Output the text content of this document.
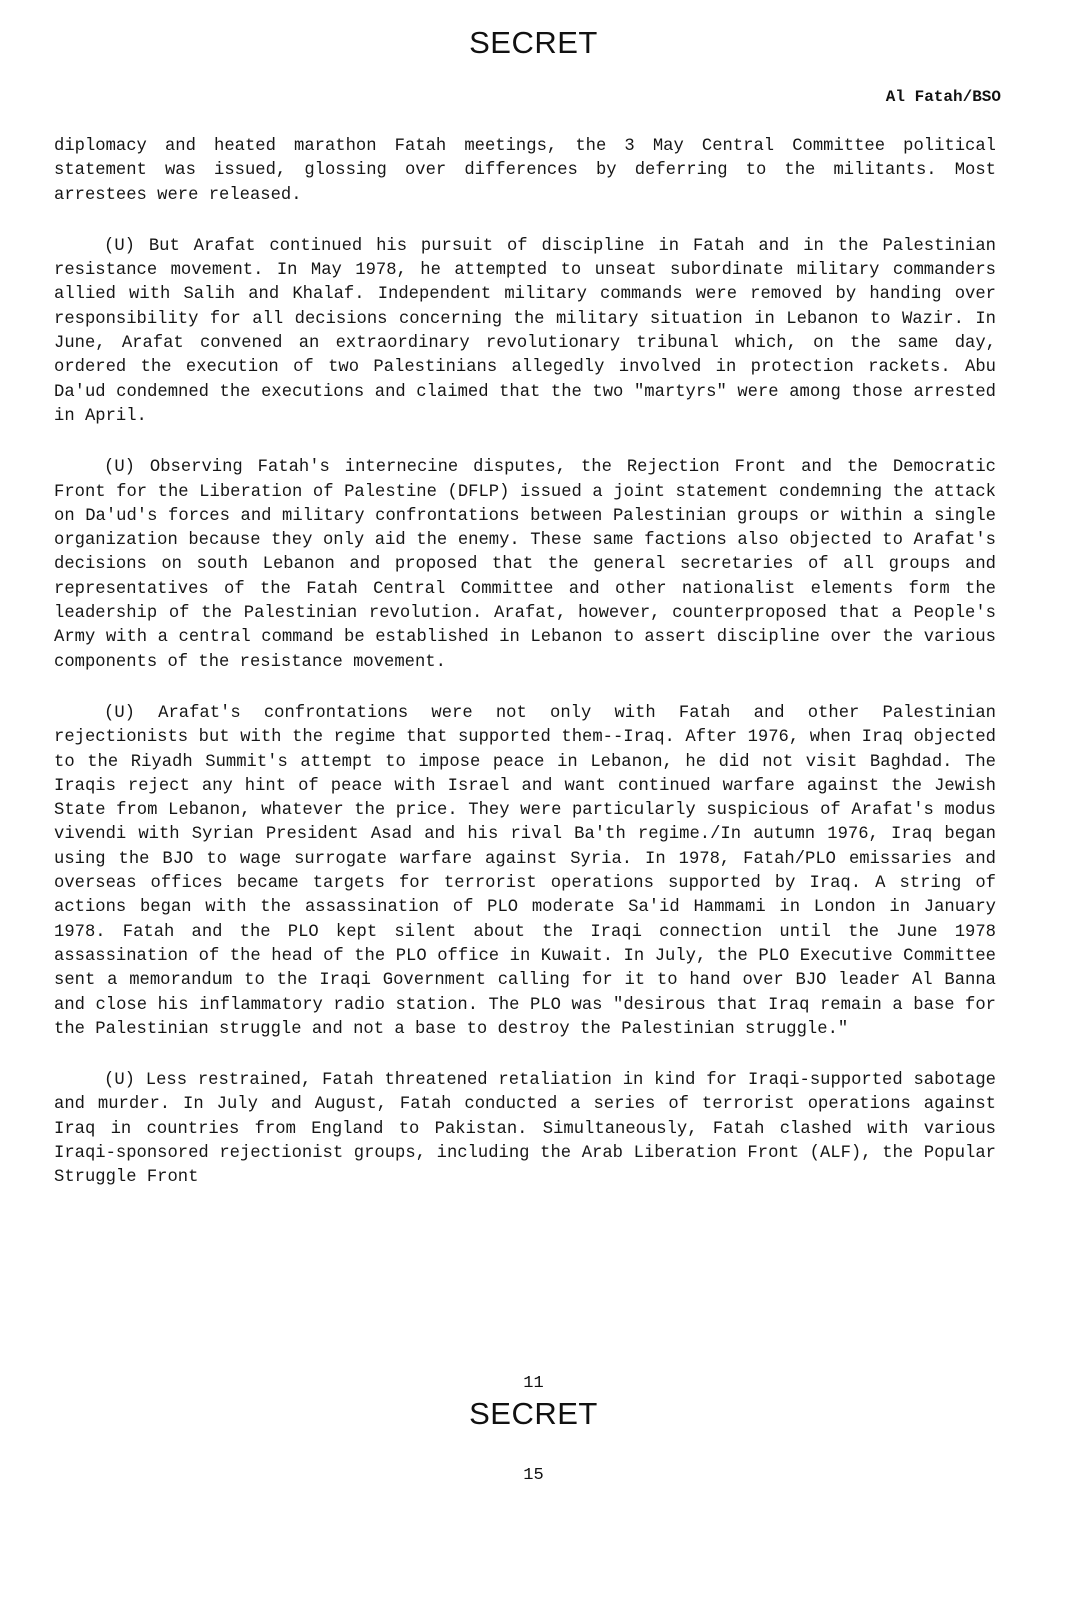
SECRET
Al Fatah/BSO

diplomacy and heated marathon Fatah meetings, the 3 May Central Committee political statement was issued, glossing over differences by deferring to the militants. Most arrestees were released.

(U) But Arafat continued his pursuit of discipline in Fatah and in the Palestinian resistance movement. In May 1978, he attempted to unseat subordinate military commanders allied with Salih and Khalaf. Independent military commands were removed by handing over responsibility for all decisions concerning the military situation in Lebanon to Wazir. In June, Arafat convened an extraordinary revolutionary tribunal which, on the same day, ordered the execution of two Palestinians allegedly involved in protection rackets. Abu Da'ud condemned the executions and claimed that the two "martyrs" were among those arrested in April.

(U) Observing Fatah's internecine disputes, the Rejection Front and the Democratic Front for the Liberation of Palestine (DFLP) issued a joint statement condemning the attack on Da'ud's forces and military confrontations between Palestinian groups or within a single organization because they only aid the enemy. These same factions also objected to Arafat's decisions on south Lebanon and proposed that the general secretaries of all groups and representatives of the Fatah Central Committee and other nationalist elements form the leadership of the Palestinian revolution. Arafat, however, counterproposed that a People's Army with a central command be established in Lebanon to assert discipline over the various components of the resistance movement.

(U) Arafat's confrontations were not only with Fatah and other Palestinian rejectionists but with the regime that supported them--Iraq. After 1976, when Iraq objected to the Riyadh Summit's attempt to impose peace in Lebanon, he did not visit Baghdad. The Iraqis reject any hint of peace with Israel and want continued warfare against the Jewish State from Lebanon, whatever the price. They were particularly suspicious of Arafat's modus vivendi with Syrian President Asad and his rival Ba'th regime./In autumn 1976, Iraq began using the BJO to wage surrogate warfare against Syria. In 1978, Fatah/PLO emissaries and overseas offices became targets for terrorist operations supported by Iraq. A string of actions began with the assassination of PLO moderate Sa'id Hammami in London in January 1978. Fatah and the PLO kept silent about the Iraqi connection until the June 1978 assassination of the head of the PLO office in Kuwait. In July, the PLO Executive Committee sent a memorandum to the Iraqi Government calling for it to hand over BJO leader Al Banna and close his inflammatory radio station. The PLO was "desirous that Iraq remain a base for the Palestinian struggle and not a base to destroy the Palestinian struggle."

(U) Less restrained, Fatah threatened retaliation in kind for Iraqi-supported sabotage and murder. In July and August, Fatah conducted a series of terrorist operations against Iraq in countries from England to Pakistan. Simultaneously, Fatah clashed with various Iraqi-sponsored rejectionist groups, including the Arab Liberation Front (ALF), the Popular Struggle Front

11
SECRET
15
